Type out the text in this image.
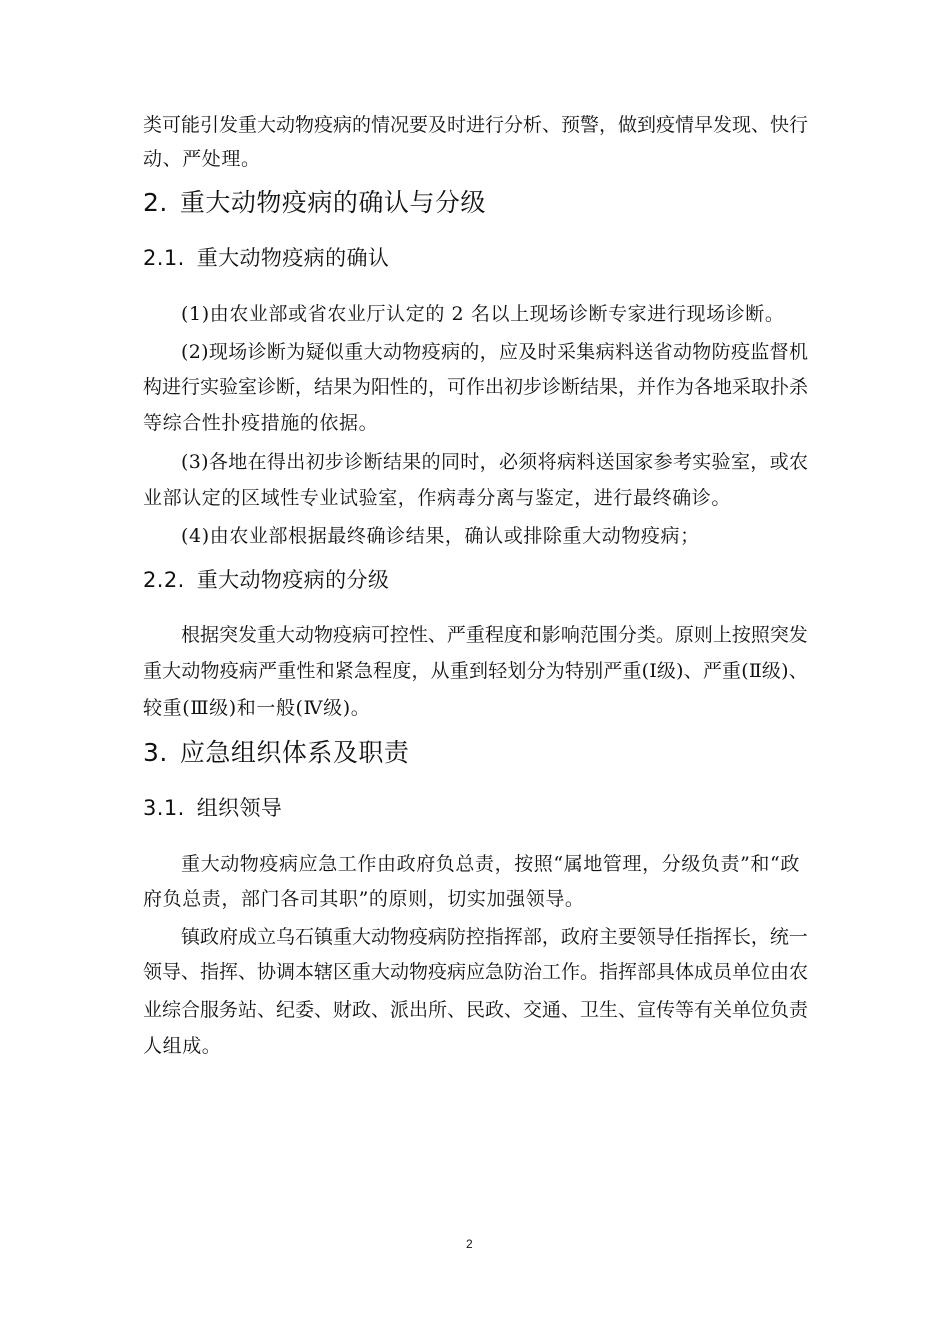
类可能引发重大动物疫病的情况要及时进行分析、预警，做到疫情早发现、快行
动、严处理。
2. 重大动物疫病的确认与分级
2.1. 重大动物疫病的确认
(1)由农业部或省农业厅认定的 2 名以上现场诊断专家进行现场诊断。
(2)现场诊断为疑似重大动物疫病的，应及时采集病料送省动物防疫监督机
构进行实验室诊断，结果为阳性的，可作出初步诊断结果，并作为各地采取扑杀
等综合性扑疫措施的依据。
(3)各地在得出初步诊断结果的同时，必须将病料送国家参考实验室，或农
业部认定的区域性专业试验室，作病毒分离与鉴定，进行最终确诊。
(4)由农业部根据最终确诊结果，确认或排除重大动物疫病；
2.2. 重大动物疫病的分级
根据突发重大动物疫病可控性、严重程度和影响范围分类。原则上按照突发
重大动物疫病严重性和紧急程度，从重到轻划分为特别严重(Ⅰ级)、严重(Ⅱ级)、
较重(Ⅲ级)和一般(Ⅳ级)。
3. 应急组织体系及职责
3.1. 组织领导
重大动物疫病应急工作由政府负总责，按照“属地管理，分级负责”和“政
府负总责，部门各司其职”的原则，切实加强领导。
镇政府成立乌石镇重大动物疫病防控指挥部，政府主要领导任指挥长，统一
领导、指挥、协调本辖区重大动物疫病应急防治工作。指挥部具体成员单位由农
业综合服务站、纪委、财政、派出所、民政、交通、卫生、宣传等有关单位负责
人组成。
2
